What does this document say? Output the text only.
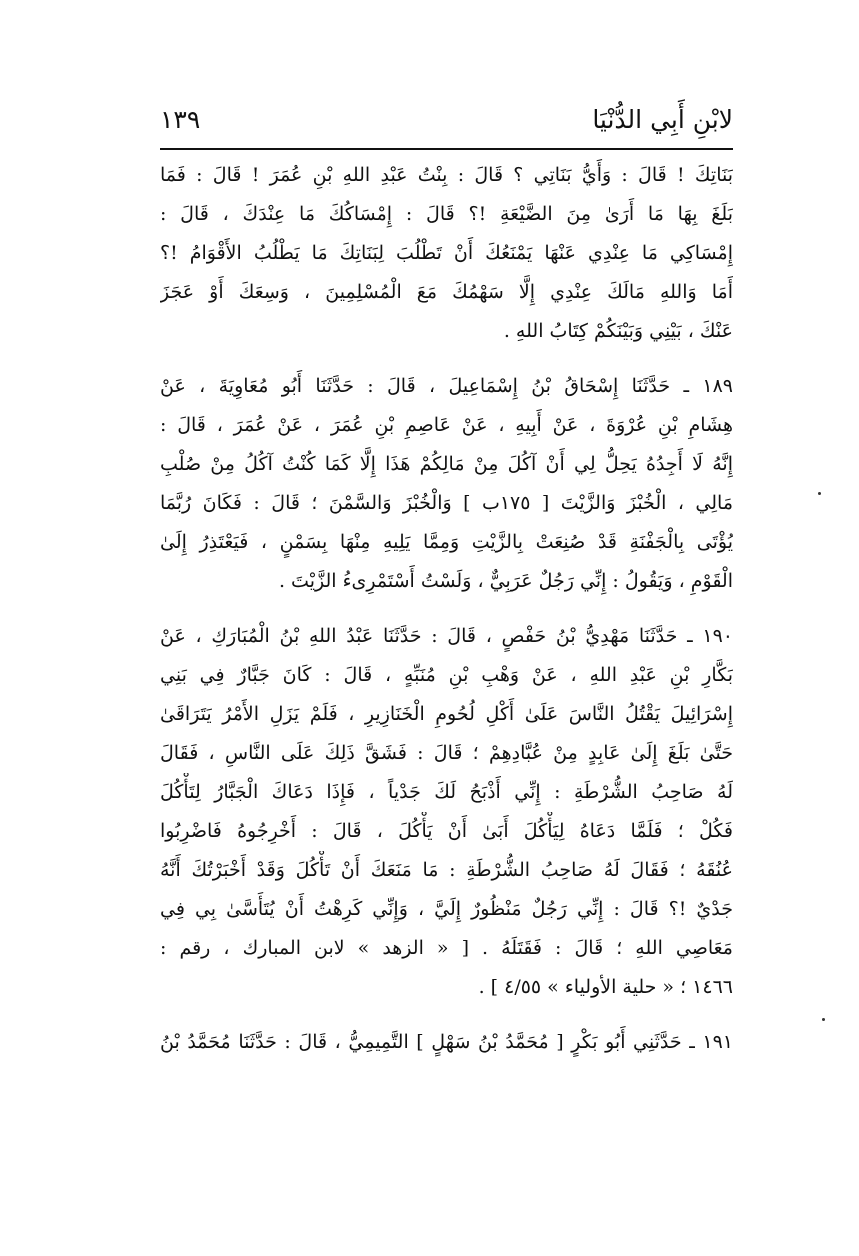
لابْنِ أَبِي الدُّنْيَا
١٣٩
بَنَاتِكَ ! قَالَ : وَأَيُّ بَنَاتِي ؟ قَالَ : بِنْتُ عَبْدِ اللهِ بْنِ عُمَرَ ! قَالَ : فَمَا
بَلَغَ بِهَا مَا أَرَىٰ مِنَ الضَّيْعَةِ !؟ قَالَ : إِمْسَاكُكَ مَا عِنْدَكَ ، قَالَ :
إِمْسَاكِي مَا عِنْدِي عَنْهَا يَمْنَعُكَ أَنْ تَطْلُبَ لِبَنَاتِكَ مَا يَطْلُبُ الأَقْوَامُ !؟
أَمَا وَاللهِ مَالَكَ عِنْدِي إِلَّا سَهْمُكَ مَعَ الْمُسْلِمِينَ ، وَسِعَكَ أَوْ عَجَزَ
عَنْكَ ، بَيْنِي وَبَيْنَكُمْ كِتَابُ اللهِ .
١٨٩ ـ حَدَّثَنَا إِسْحَاقُ بْنُ إِسْمَاعِيلَ ، قَالَ : حَدَّثَنَا أَبُو مُعَاوِيَةَ ، عَنْ
هِشَامِ بْنِ عُرْوَةَ ، عَنْ أَبِيهِ ، عَنْ عَاصِمِ بْنِ عُمَرَ ، عَنْ عُمَرَ ، قَالَ :
إِنَّهُ لَا أَجِدُهُ يَحِلُّ لِي أَنْ آكُلَ مِنْ مَالِكُمْ هَذَا إِلَّا كَمَا كُنْتُ آكُلُ مِنْ صُلْبِ
مَالِي ، الْخُبْزَ وَالزَّيْتَ [ ١٧٥ب ] وَالْخُبْزَ وَالسَّمْنَ ؛ قَالَ : فَكَانَ رُبَّمَا
يُؤْتَى بِالْجَفْنَةِ قَدْ صُنِعَتْ بِالزَّيْتِ وَمِمَّا يَلِيهِ مِنْهَا بِسَمْنٍ ، فَيَعْتَذِرُ إِلَىٰ
الْقَوْمِ ، وَيَقُولُ : إِنِّي رَجُلٌ عَرَبِيٌّ ، وَلَسْتُ أَسْتَمْرِىءُ الزَّيْتَ .
١٩٠ ـ حَدَّثَنَا مَهْدِيُّ بْنُ حَفْصٍ ، قَالَ : حَدَّثَنَا عَبْدُ اللهِ بْنُ الْمُبَارَكِ ، عَنْ
بَكَّارِ بْنِ عَبْدِ اللهِ ، عَنْ وَهْبِ بْنِ مُنَبِّهٍ ، قَالَ : كَانَ جَبَّارٌ فِي بَنِي
إِسْرَائِيلَ يَقْتُلُ النَّاسَ عَلَىٰ أَكْلِ لُحُومِ الْخَنَازِيرِ ، فَلَمْ يَزَلِ الأَمْرُ يَتَرَاقَىٰ
حَتَّىٰ بَلَغَ إِلَىٰ عَابِدٍ مِنْ عُبَّادِهِمْ ؛ قَالَ : فَشَقَّ ذَلِكَ عَلَى النَّاسِ ، فَقَالَ
لَهُ صَاحِبُ الشُّرْطَةِ : إِنِّي أَذْبَحُ لَكَ جَدْياً ، فَإِذَا دَعَاكَ الْجَبَّارُ لِتَأْكُلَ
فَكُلْ ؛ فَلَمَّا دَعَاهُ لِيَأْكُلَ أَبَىٰ أَنْ يَأْكُلَ ، قَالَ : أَخْرِجُوهُ فَاضْرِبُوا
عُنُقَهُ ؛ فَقَالَ لَهُ صَاحِبُ الشُّرْطَةِ : مَا مَنَعَكَ أَنْ تَأْكُلَ وَقَدْ أَخْبَرْتُكَ أَنَّهُ
جَدْيٌ !؟ قَالَ : إِنِّي رَجُلٌ مَنْظُورٌ إِلَيَّ ، وَإِنِّي كَرِهْتُ أَنْ يُتَأَسَّىٰ بِي فِي
مَعَاصِي اللهِ ؛ قَالَ : فَقَتَلَهُ . [ « الزهد » لابن المبارك ، رقم :
١٤٦٦ ؛ « حلية الأولياء » ٤/٥٥ ] .
١٩١ ـ حَدَّثَنِي أَبُو بَكْرٍ [ مُحَمَّدُ بْنُ سَهْلٍ ] التَّمِيمِيُّ ، قَالَ : حَدَّثَنَا مُحَمَّدُ بْنُ
